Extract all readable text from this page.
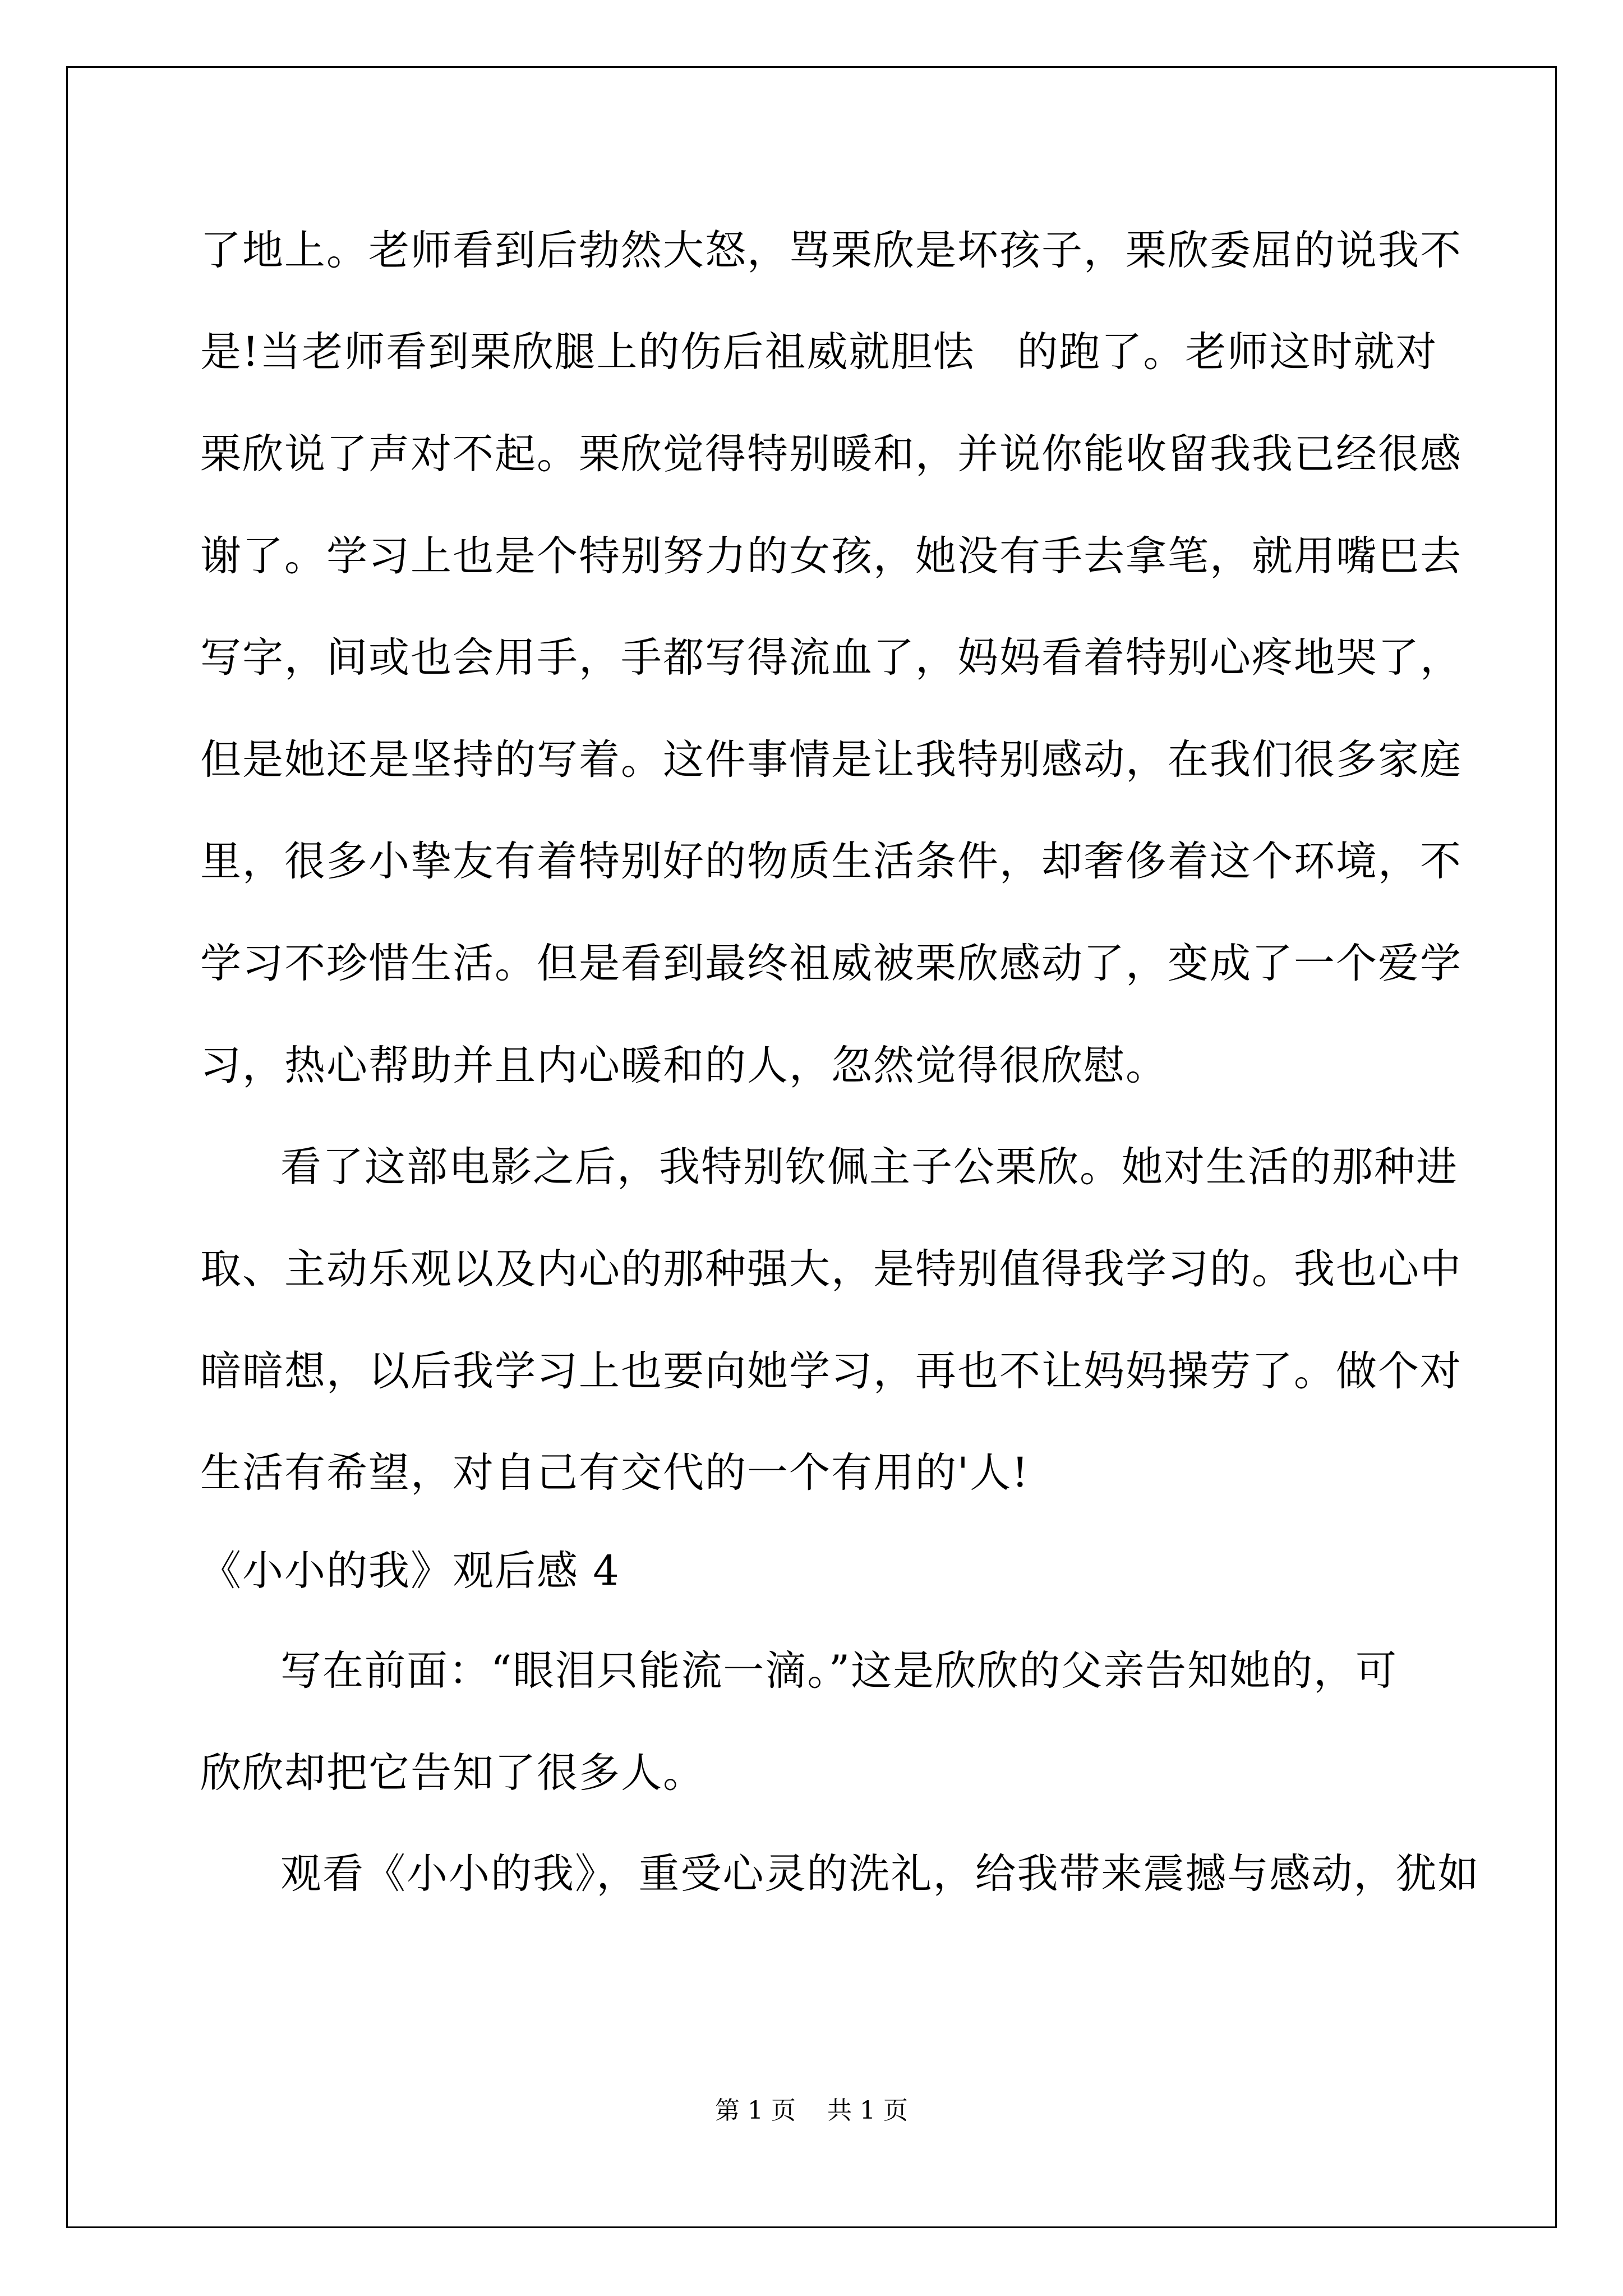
了地上。老师看到后勃然大怒，骂栗欣是坏孩子，栗欣委屈的说我不
是!当老师看到栗欣腿上的伤后祖威就胆怯　的跑了。老师这时就对
栗欣说了声对不起。栗欣觉得特别暖和，并说你能收留我我已经很感
谢了。学习上也是个特别努力的女孩，她没有手去拿笔，就用嘴巴去
写字，间或也会用手，手都写得流血了，妈妈看着特别心疼地哭了，
但是她还是坚持的写着。这件事情是让我特别感动，在我们很多家庭
里，很多小挚友有着特别好的物质生活条件，却奢侈着这个环境，不
学习不珍惜生活。但是看到最终祖威被栗欣感动了，变成了一个爱学
习，热心帮助并且内心暖和的人，忽然觉得很欣慰。
看了这部电影之后，我特别钦佩主子公栗欣。她对生活的那种进
取、主动乐观以及内心的那种强大，是特别值得我学习的。我也心中
暗暗想，以后我学习上也要向她学习，再也不让妈妈操劳了。做个对
生活有希望，对自己有交代的一个有用的'人!
《小小的我》观后感 4
写在前面：“眼泪只能流一滴。”这是欣欣的父亲告知她的，可
欣欣却把它告知了很多人。
观看《小小的我》，重受心灵的洗礼，给我带来震撼与感动，犹如
第 1 页 共 1 页
